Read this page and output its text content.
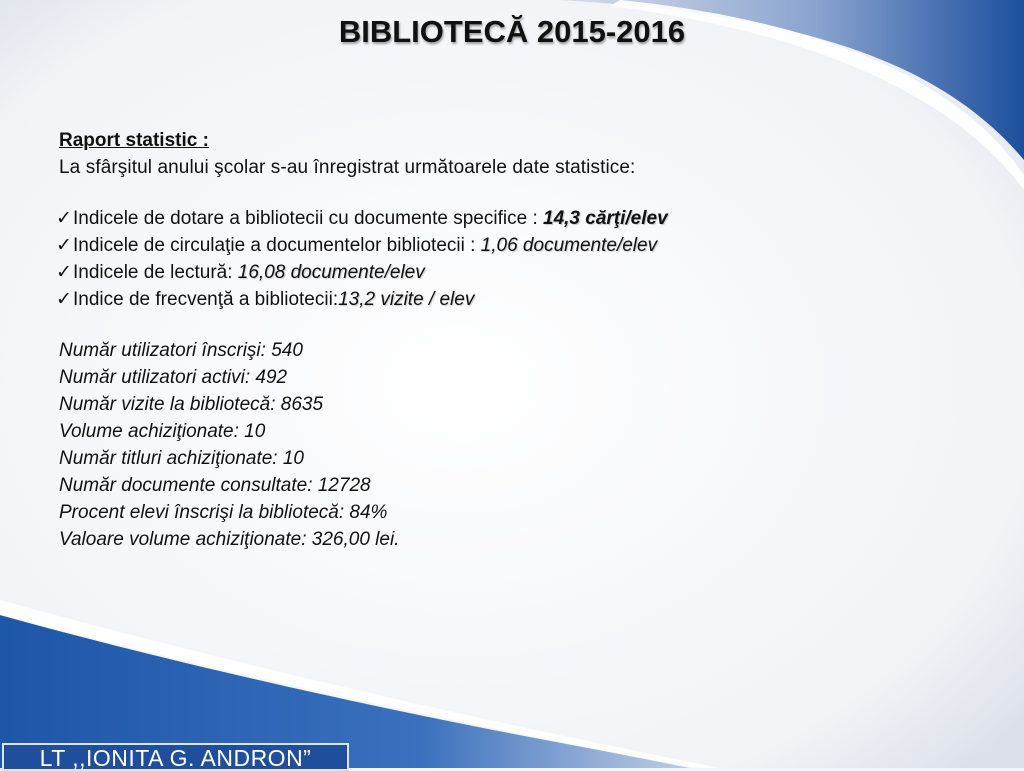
BIBLIOTECĂ 2015-2016
Raport statistic :
La sfârşitul anului şcolar s-au înregistrat următoarele date statistice:
✓Indicele de dotare a bibliotecii cu documente specifice : 14,3 cărţi/elev
✓Indicele de circulaţie a documentelor bibliotecii : 1,06 documente/elev
✓Indicele de lectură: 16,08 documente/elev
✓Indice de frecvenţă a bibliotecii:13,2 vizite / elev
Număr utilizatori înscrişi: 540
Număr utilizatori activi: 492
Număr vizite la bibliotecă: 8635
Volume achiziţionate: 10
Număr titluri achiziţionate: 10
Număr documente consultate: 12728
Procent elevi înscrişi la bibliotecă: 84%
Valoare volume achiziţionate: 326,00 lei.
LT ,,IONITA G. ANDRON”
